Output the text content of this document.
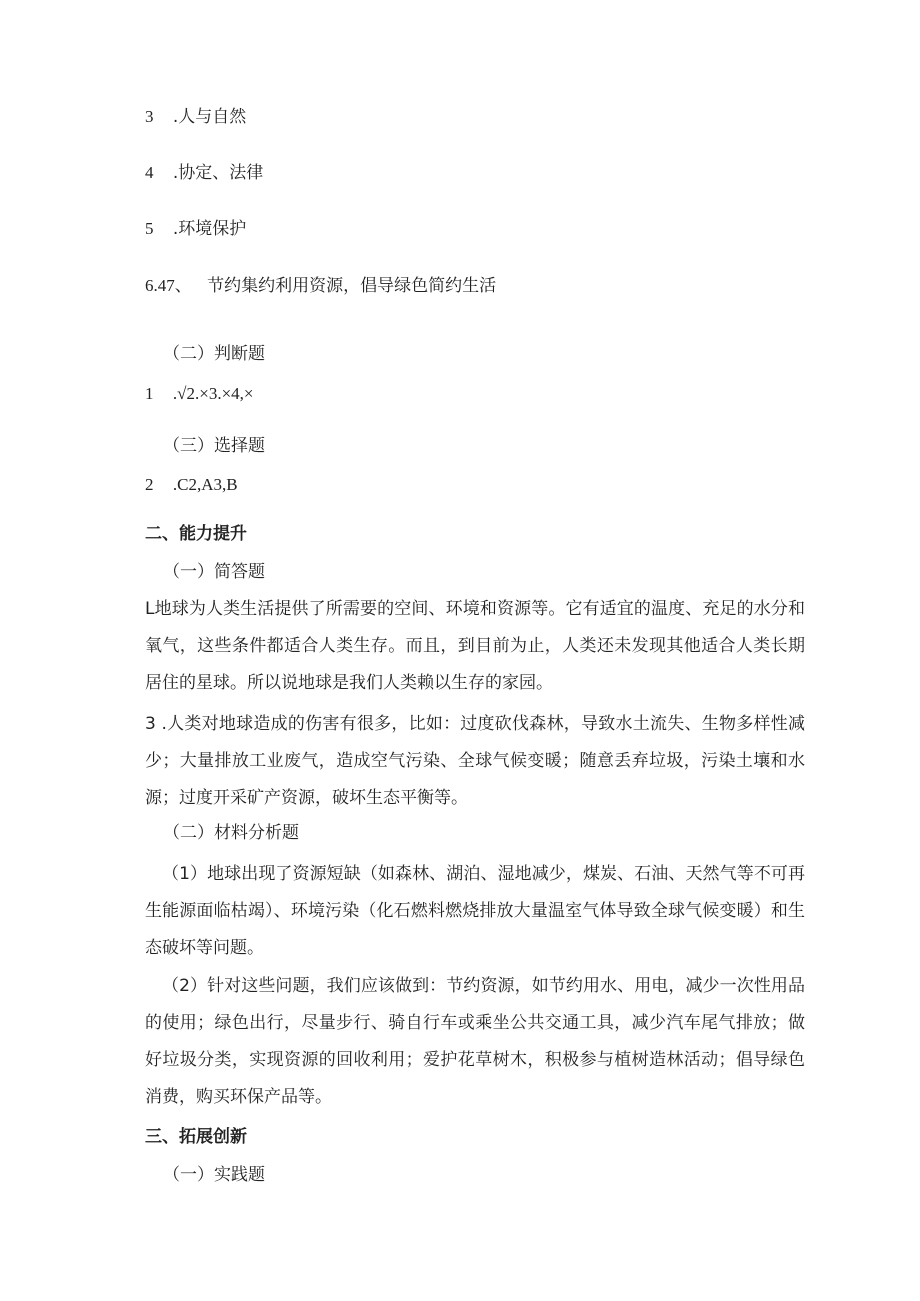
3 .人与自然
4 .协定、法律
5 .环境保护
6.47、 节约集约利用资源，倡导绿色简约生活
（二）判断题
1 .√2.×3.×4,×
（三）选择题
2 .C2,A3,B
二、能力提升
（一）简答题
L地球为人类生活提供了所需要的空间、环境和资源等。它有适宜的温度、充足的水分和氧气，这些条件都适合人类生存。而且，到目前为止，人类还未发现其他适合人类长期居住的星球。所以说地球是我们人类赖以生存的家园。
3 .人类对地球造成的伤害有很多，比如：过度砍伐森林，导致水土流失、生物多样性减少；大量排放工业废气，造成空气污染、全球气候变暖；随意丢弃垃圾，污染土壤和水源；过度开采矿产资源，破坏生态平衡等。
（二）材料分析题
（1）地球出现了资源短缺（如森林、湖泊、湿地减少，煤炭、石油、天然气等不可再生能源面临枯竭）、环境污染（化石燃料燃烧排放大量温室气体导致全球气候变暖）和生态破坏等问题。
（2）针对这些问题，我们应该做到：节约资源，如节约用水、用电，减少一次性用品的使用；绿色出行，尽量步行、骑自行车或乘坐公共交通工具，减少汽车尾气排放；做好垃圾分类，实现资源的回收利用；爱护花草树木，积极参与植树造林活动；倡导绿色消费，购买环保产品等。
三、拓展创新
（一）实践题
